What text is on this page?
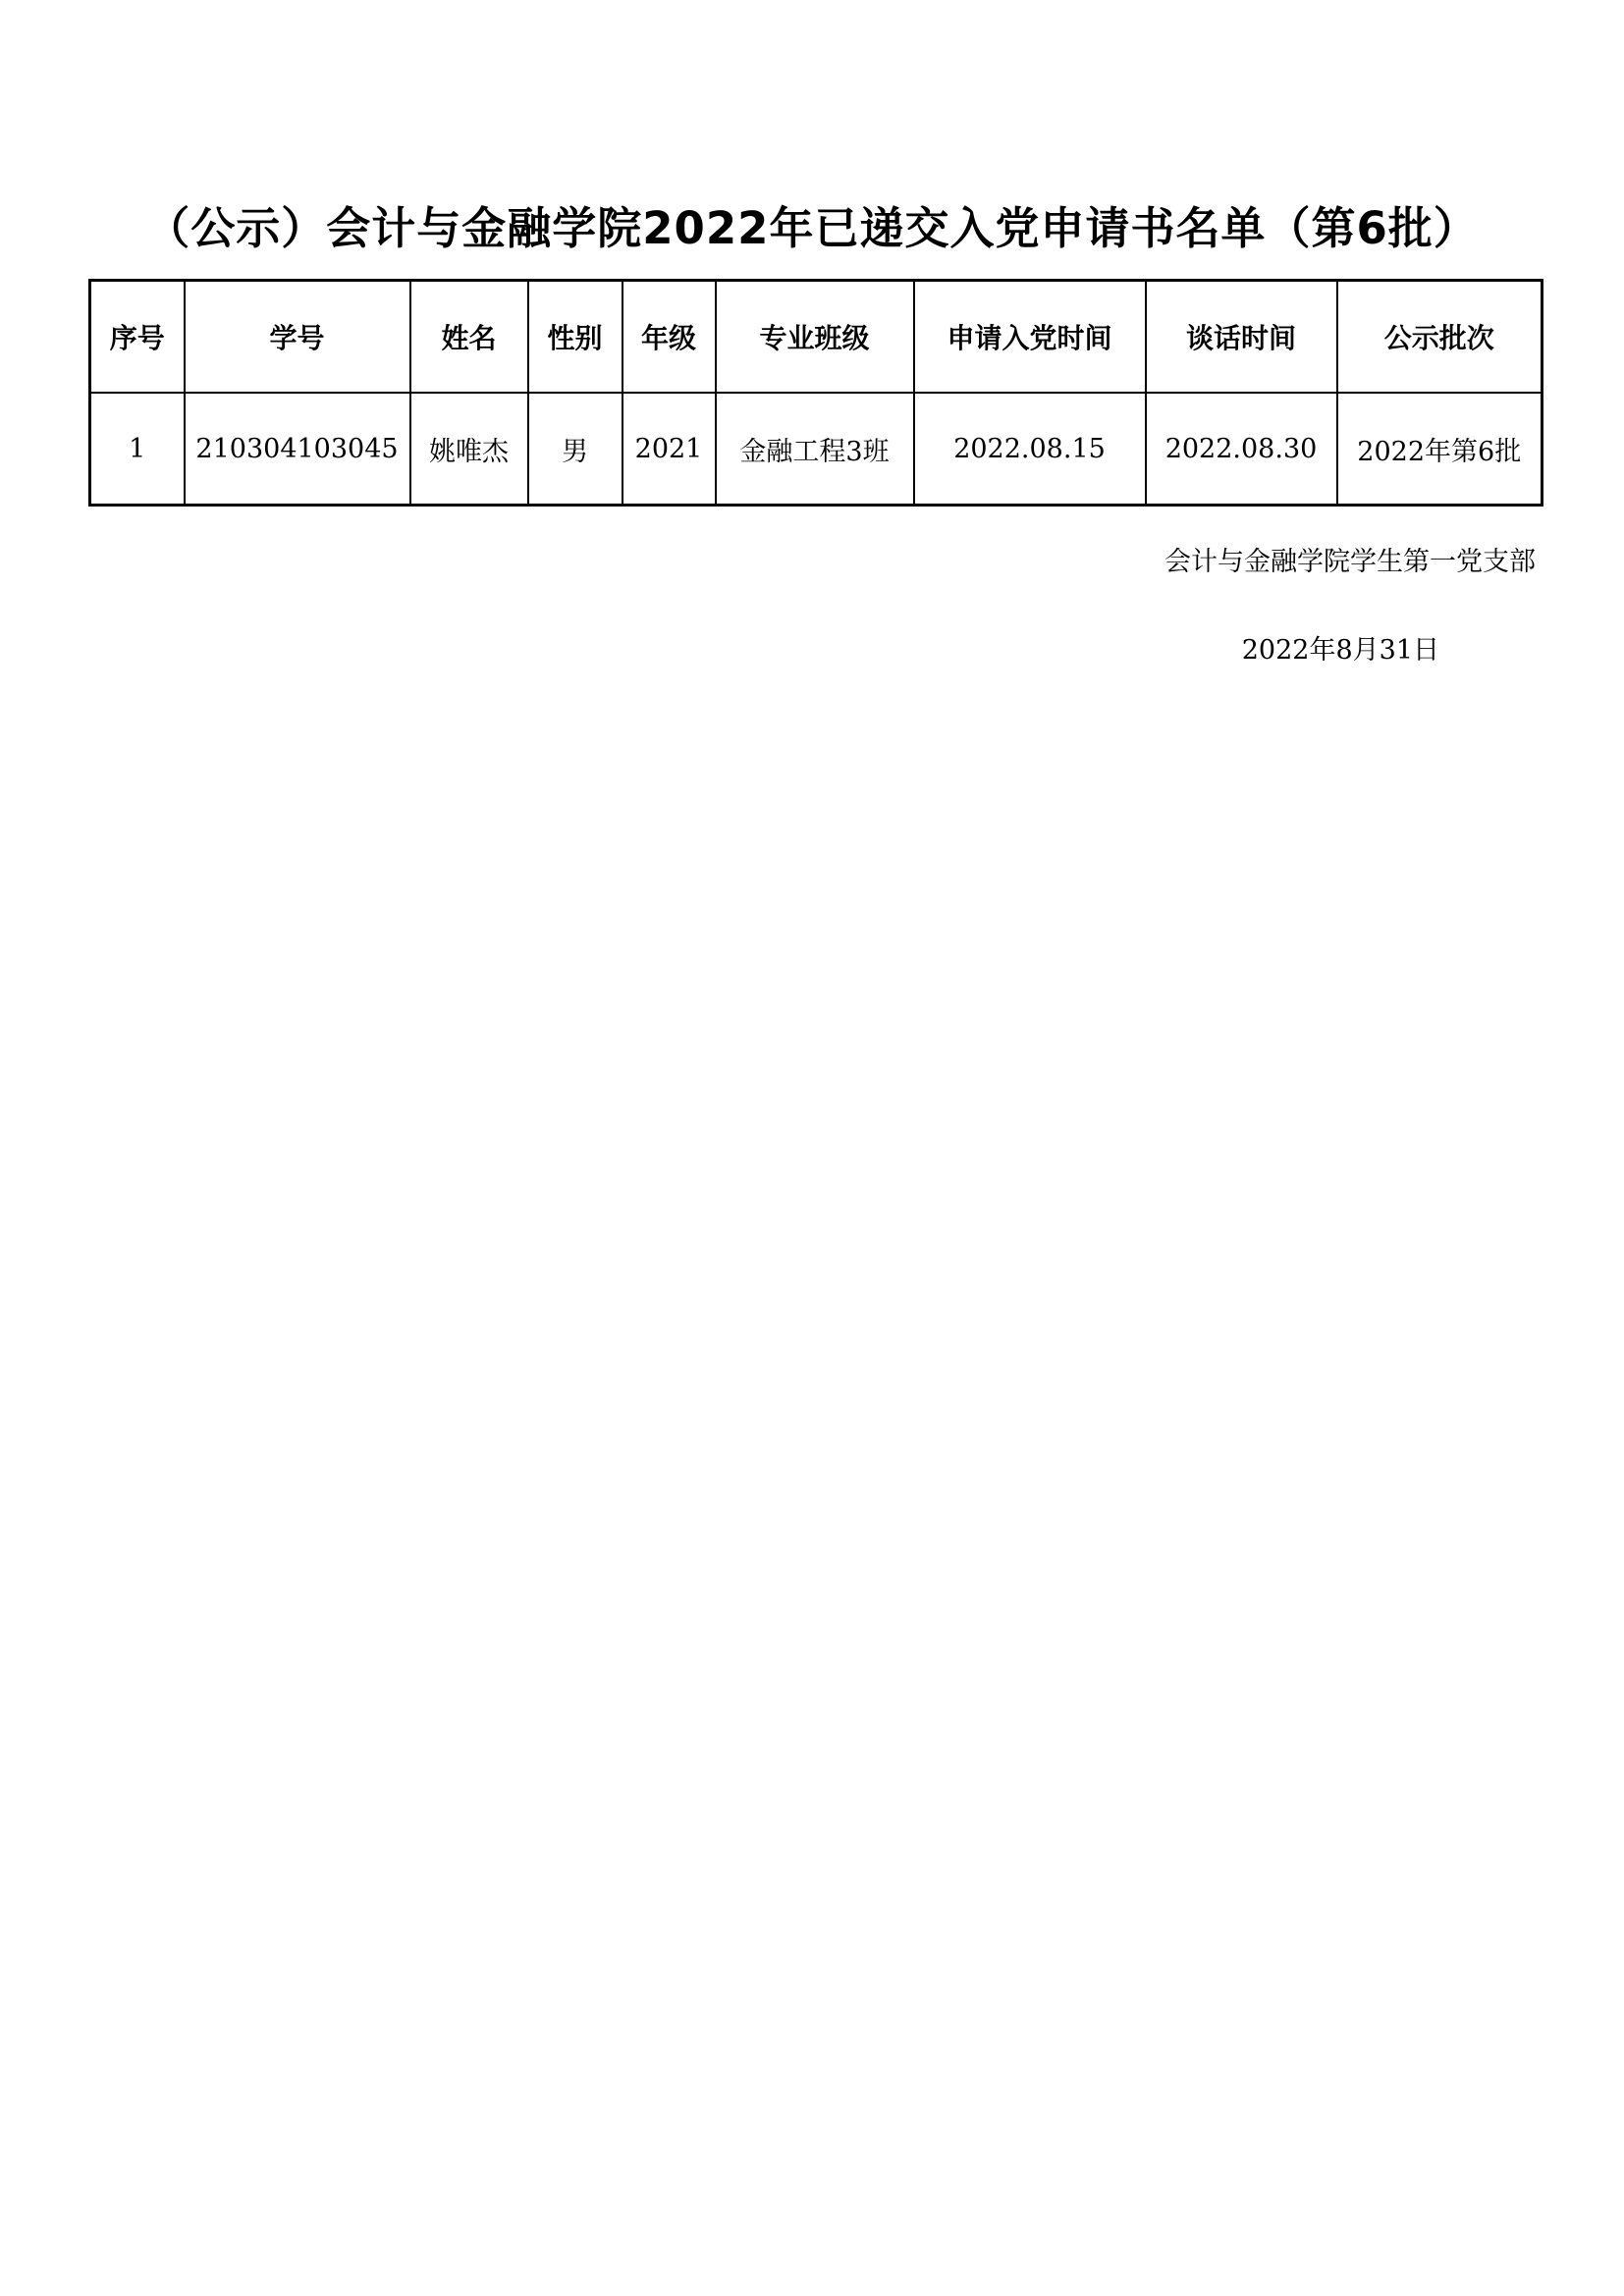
（公示）会计与金融学院2022年已递交入党申请书名单（第6批）
序号	学号	姓名	性别	年级	专业班级	申请入党时间	谈话时间	公示批次
1	210304103045	姚唯杰	男	2021	金融工程3班	2022.08.15	2022.08.30	2022年第6批
会计与金融学院学生第一党支部
2022年8月31日
